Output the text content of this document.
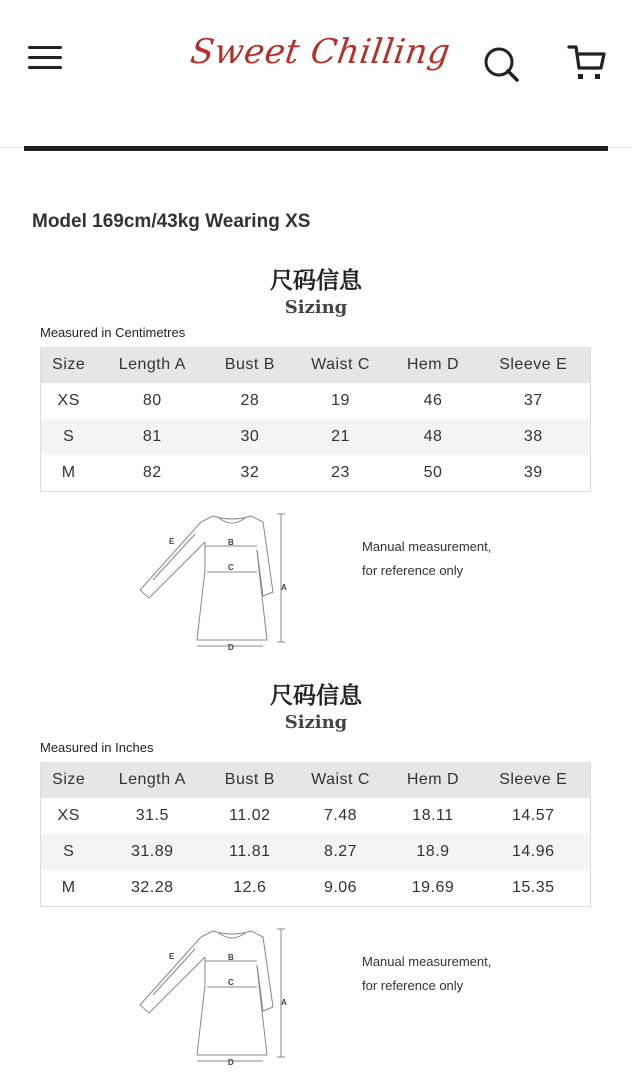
Sweet Chilling
Model 169cm/43kg Wearing XS
尺码信息
Sizing
Measured in Centimetres
Size	Length A	Bust B	Waist C	Hem D	Sleeve E
XS	80	28	19	46	37
S	81	30	21	48	38
M	82	32	23	50	39
E	B
C
A
D
Manual measurement,
for reference only
尺码信息
Sizing
Measured in Inches
Size	Length A	Bust B	Waist C	Hem D	Sleeve E
XS	31.5	11.02	7.48	18.11	14.57
S	31.89	11.81	8.27	18.9	14.96
M	32.28	12.6	9.06	19.69	15.35
E	B
C
A
D
Manual measurement,
for reference only
